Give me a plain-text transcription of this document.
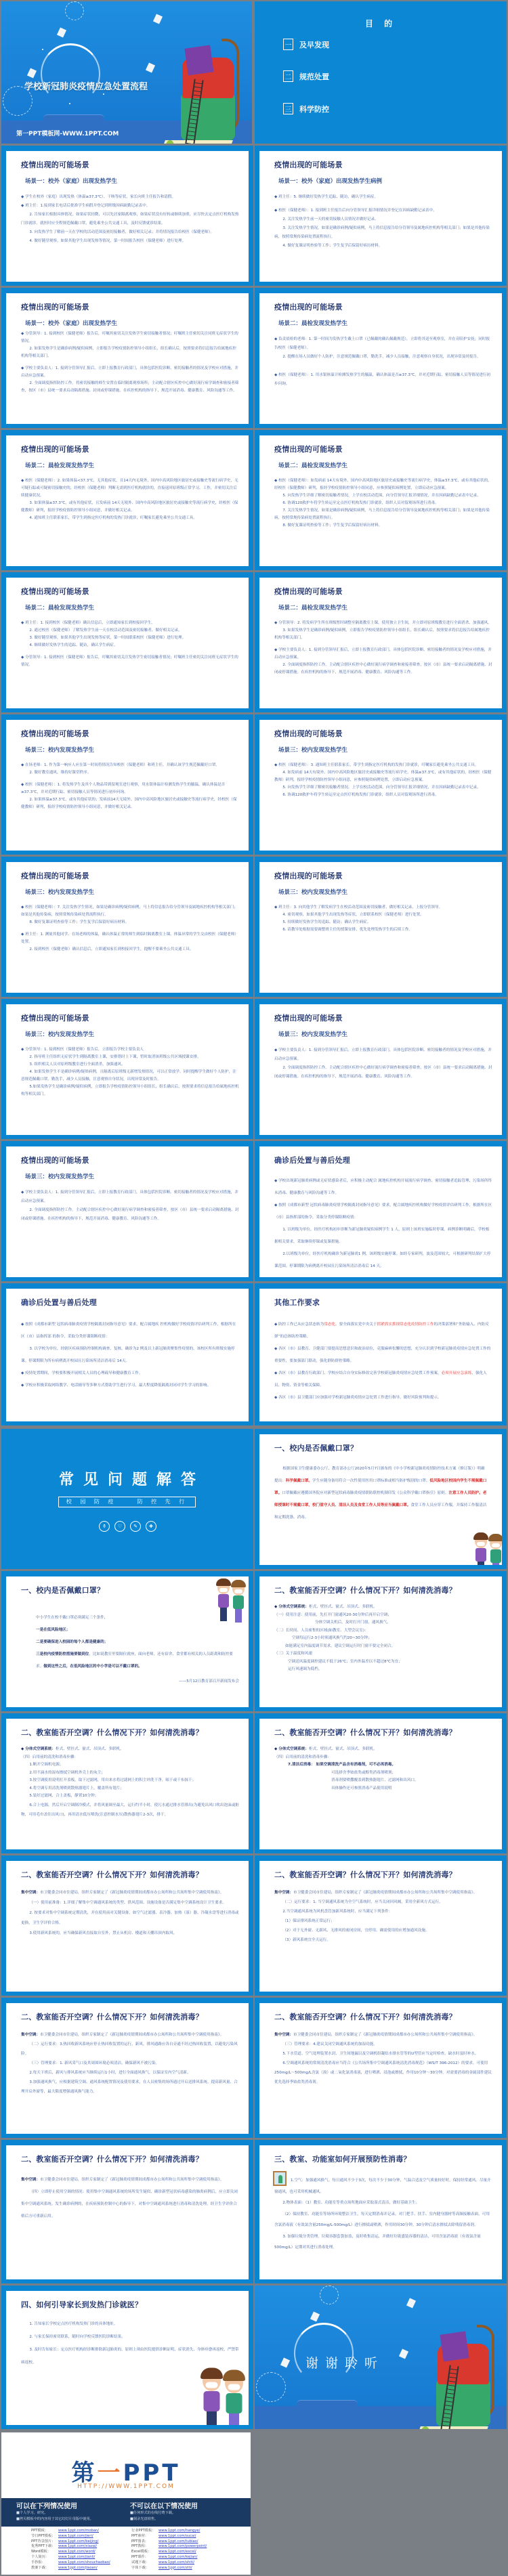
学校新冠肺炎疫情应急处置流程
第一PPT模板网-WWW.1PPT.COM
目 的
一 及早发现
二 规范处置
三 科学防控
疫情出现的可能场景
场景一：校外（家庭）出现发热学生

◆ 学生在校外（家庭）出现发热（体温≥37.3℃）、干咳等症状，家长向班主任报告和请假。

◆ 班主任：1.接到家长电话后批准学生病假并登记到班级因病缺勤记录表中。

2. 告知家长根据具体情况，如果症状轻微，可以先居家隔离观察，如果症状没有好转或继续加重，应尽快去定点医疗机构发热门诊就诊。就医时应全程规范佩戴口罩，避免乘坐公共交通工具，及时反馈就诊结果。

3. 向发热学生了解前一天在学校的活动范围及密切接触者，做好相关记录；并将情况报告给校医（保健老师）。

4. 做好随堂观察。如果其他学生出现发热等情况，第一时间报告校医（保健老师）进行处理。

疫情出现的可能场景
场景一：校外（家庭）出现发热学生病例

◆ 班主任：5. 继续做好发热学生追踪、随访，确认学生病症。

◆ 校医（保健老师）：1. 接到班主任报告后向分管领导汇报详细情况并登记在因病缺勤记录表中。

2. 关注发热学生前一天的密切接触人员情况并做好记录。

3. 关注发热学生情况，如果是确诊病例/疑似病例，马上将信息报告给分管领导及属地疾控机构等相关部门；如果是其他传染病，按照常规传染病处置流程执行。

4. 做好复课证明查验等工作；学生复学后保留好病历材料。

疫情出现的可能场景
场景一：校外（家庭）出现发热学生

◆ 分管领导：1. 接到校医（保健老师）报告后，叮嘱其密切关注发热学生密切接触者情况；叮嘱班主任密切关注同班无症状学生的情况。

2. 如果发热学生是确诊病例/疑似病例，立即报告学校疫情防控领导小组组长，组长确认后，按照要求将信息报告给属地疾控机构等相关部门。

◆ 学校主要负责人：1. 接到分管领导汇报后，立即上报教育行政部门，具体包括医院诊断、密切接触者的情况及学校应对措施，并启动应急预案。

2. 全面调度指挥防控工作。将密切接触的师生安置在临时隔离观察场所；主动配合辖区疾控中心做好流行病学调查和密接者筛查，按区（市）县统一要求启动隔离措施、封闭或停课措施。在疾控机构的指导下，规范开展消毒、健康教育、风险沟通等工作。

疫情出现的可能场景
场景二：晨检发现发热学生

◆ 负责晨检的老师：1. 第一时间为发热学生戴上口罩（已佩戴的确认佩戴规范），立即将其送至观察室，并在旁陪护安抚；同时报告校医（保健老师）。

2. 提醒在场人员做好个人防护，注意规范佩戴口罩，勤洗手，减少人员接触，注意观察自身状况，出现异常及时报告。

◆ 校医（保健老师）：1. 用水银体温计检测发热学生的腋温，确认体温是否≥37.3℃，并对近期行踪、密切接触人员等情况进行初步问询。

疫情出现的可能场景
场景二：晨检发现发热学生

◆ 校医（保健老师）：2. 如果体温<37.3℃，无其他症状，且14天内无境外、国内中高风险地区旅居史或接触史等流行病学史，无可疑行踪或可疑密切接触史的，经校医（保健老师）判断无需到医疗机构就诊的，直接返回原班级正常学习、工作，并密切关注后续健康状况。

3. 如果体温≥37.3℃，或有其他症状，且发病前 14天无境外、国内中高风险地区旅居史或接触史等流行病学史，经校医（保健教师）研判，报经学校疫情防控领导小组同意，并做好相关记录。

4. 通知班主任联系家长，带学生到指定医疗机构的发热门诊就诊，叮嘱家长避免乘坐公共交通工具。

疫情出现的可能场景
场景二：晨检发现发热学生

◆ 校医（保健老师）：如发病前 14天有境外、国内中高风险地区旅居史或接触史等流行病学史，体温≥37.3℃，或有其他症状的，经校医（保健教师）研判，报经学校疫情防控领导小组同意，应参照疑似病例处置，立即启动应急预案。

5. 向发热学生详细了解密切接触者情况、上学在校活动范围，向分管领导汇报详细情况，并在因病缺勤记录表中记录。

6. 协调120救护车将学生转运至定点医疗机构发热门诊就诊，组织人员对留观场所进行消毒。

7. 关注发热学生情况，如果是确诊病例/疑似病例，马上将信息报告给分管领导及属地疾控机构等相关部门；如果是其他传染病，按照常规传染病处置流程执行。

8. 做好复课证明查验等工作；学生复学后保留好病历材料。

疫情出现的可能场景
场景二：晨检发现发热学生

◆ 班主任：1. 接到校医（保健老师）确认信息后，立即通知家长到校接回学生。

2. 通过校医（保健老师）了解发热学生前一天在校活动范围及密切接触者，做好相关记录。

3. 做好随堂观察，如果其他学生出现发热等症状，第一时间联系校医（保健老师）进行处理。

4. 继续做好发热学生的追踪、随访，确认学生病症。

◆ 分管领导：1. 接到校医（保健老师）报告后，叮嘱其密切关注发热学生密切接触者情况；叮嘱班主任密切关注同班无症状学生的情况。

疫情出现的可能场景
场景二：晨检发现发热学生

◆ 分管领导：2. 将发病学生所在班级暂时调整至隔离教室上课，使用独立卫生间，并立即对原班级教室进行全面消杀、加强通风。

3. 如果发热学生是确诊病例/疑似病例，立即报告学校疫情防控领导小组组长，组长确认后，按照要求将信息报告给属地疾控机构等相关部门。

◆ 学校主要负责人：1. 接到分管领导汇报后，立即上报教育行政部门，具体包括医院诊断、密切接触者的情况及学校应对措施，并启动应急预案。

2. 全面调度指挥防控工作。主动配合辖区疾控中心做好流行病学调查和密接者筛查，按区（市）县统一要求启动隔离措施、封闭或停课措施。在疾控机构的指导下，规范开展消毒、健康教育、风险沟通等工作。

疫情出现的可能场景
场景三：校内发现发热学生

◆ 在场老师：1. 作为第一响应人应在第一时间将情况告知校医（保健老师）和班主任，并确认该学生规范佩戴好口罩。

2. 做好教室通风，维持好课堂秩序。

◆ 校医（保健老师）：1. 将发热学生及其个人物品带到留观室进行观察，用水银体温计检测发热学生的腋温，确认体温是否≥37.3℃，并对近期行踪、密切接触人员等情况进行初步问询。

2. 如果体温≥37.3℃，或有其他症状的；发病前14天无境外、国内中高风险地区旅居史或接触史等流行病学史，经校医（保健教师）研判，报经学校疫情防控领导小组同意，并做好相关记录。

疫情出现的可能场景
场景三：校内发现发热学生

◆ 校医（保健老师）：3. 通知班主任联系家长，带学生到指定医疗机构的发热门诊就诊，叮嘱家长避免乘坐公共交通工具。

4. 如发病前 14天有境外、国内中高风险地区旅居史或接触史等流行病学史，体温≥37.3℃，或有其他症状的，经校医（保健教师）研判，报经学校疫情防控领导小组同意，应参照疑似病例处置，立即启动应急预案。

5. 向发热学生详细了解密切接触者情况、上学在校活动范围，向分管领导汇报详细情况，并在因病缺勤记录表中记录。

6. 协调120救护车将学生转运至定点医疗机构发热门诊就诊，组织人员对留观场所进行消毒。

疫情出现的可能场景
场景三：校内发现发热学生

◆ 校医（保健老师）：7. 关注发热学生情况，如果是确诊病例/疑似病例，马上将信息报告给分管领导及属地疾控机构等相关部门；如果是其他传染病，按照常规传染病处置流程执行。

8. 做好复课证明查验等工作；学生复学后保留好病历材料。

◆ 班主任：1. 测量其他同学、在场老师的体温，确认体温正常的师生到临时隔离教室上课，体温异常的学生交由校医（保健老师）处置。

2. 接到校医（保健老师）确认信息后，立即通知家长到校接回学生，提醒不要乘坐公共交通工具。

疫情出现的可能场景
场景三：校内发现发热学生

◆ 班主任：3. 向其他学生了解发病学生在校活动范围及密切接触者，做好相关记录，上报分管领导。

4. 密切观察，如果其他学生出现发热等症状，立即联系校医（保健老师）进行处置。

5. 持续做好发热学生的追踪、随访；确认学生病症。

6. 请教导处根据需要调整班主任的授课安排，优先处理发热学生的后续工作。

疫情出现的可能场景
场景三：校内发现发热学生

◆ 分管领导：1. 接到校医（保健老师）报告后，立即报告学校主要负责人

2. 指导班主任组织无症状学生到隔离教室上课，安排错时上下课，暂时取消该班级公共区域授课安排。

3. 组织相关人员对原班级教室进行全面消杀，加强通风。

4. 如果发热学生不是确诊病例/疑似病例，且隔离后原班级无新增发热情况，可以正常放学。同时提醒学生做好个人防护，注意规范佩戴口罩，勤洗手，减少人员接触，注意观察自身状况，出现异常及时报告。

5.如果发热学生是确诊病例/疑似病例，立即报告学校疫情防控领导小组组长，组长确认后，按照要求将信息报告给属地疾控机构等相关部门。

疫情出现的可能场景
场景三：校内发现发热学生

◆ 学校主要负责人：1. 接到分管领导汇报后，立即上报教育行政部门，具体包括医院诊断、密切接触者的情况及学校应对措施，并启动应急预案。

2. 全面调度指挥防控工作。主动配合辖区疾控中心做好流行病学调查和密接者筛查，按区（市）县统一要求启动隔离措施、封闭或停课措施。在疾控机构的指导下，规范开展消毒、健康教育、风险沟通等工作。

疫情出现的可能场景
场景三：校内发现发热学生

◆ 学校主要负责人：1. 接到分管领导汇报后，立即上报教育行政部门，具体包括医院诊断、密切接触者的情况及学校应对措施，并启动应急预案。

2. 全面调度指挥防控工作。主动配合辖区疾控中心做好流行病学调查和密接者筛查，按区（市）县统一要求启动隔离措施、封闭或停课措施。在疾控机构的指导下，规范开展消毒、健康教育、风险沟通等工作。

确诊后处置与善后处理

◆ 学校出现新冠肺炎病例或无症状感染者后，应积极主动配合 属地疾控机构开展流行病学调查、密切接触者追踪管理、污染场所终末消毒、健康教育与风险沟通等工作。

◆ 按照《成都市新型 冠状病毒肺炎疫情学校隔离封闭指导意见》要求，配合属地疾控机构做好学校疫情评估研判工作，根据所在区（市）县指挥部的指令，采取分类停课阻断疫情：

1. 以班级为单位，经医疗机构初步诊断为新冠肺炎疑似病例学生 1 人，原则上该班实施临时停课。病例诊断明确后，学校根据相关要求，采取继续停课或复课措施。

2.以班级为单位，经医疗机构确诊为新冠肺炎1 例，该班级实施停课。如经专家研判，波及范围较大，可根据研判结果扩大停课范围。停课期限为病例离开校园且污染场所清洁消毒后 14 天。

确诊后处置与善后处理

◆ 按照《成都市新型 冠状病毒肺炎疫情学校隔离封闭指导意见》要求，配合属地疾 控机构做好学校疫情评估研判工作，根据所在区（市）县指挥部 的指令，采取分类停课阻断疫情：

3. 以学校为单位，经辖区疾病预防控制机构调查、复核，确诊为2 例及以上新冠肺炎聚集性疫情的，该校区所有班级实施停课。停课期限为所有病例离开校园且污染场所清洁消毒后 14天。

◆ 疫情处置期间，学校要积极开展相关人员的心理疏导和健康教育工作。

◆ 学校应积极采取网络教学、电话辅导等多种方式帮助学生进行学习，最大程度降低隔离封闭对学生学习的影响。

其他工作要求

◆ 防控工作已从应急状态转为常态化。要全面落实党中央关于抓紧抓实抓细常态化疫情防控工作的决策部署和“外防输入、内防反弹”的总体防控策略。

◆ 各区（市）县教育、卫健部门要提高思想意识和政治站位，克服麻痹松懈的思想，充分认识到学校新冠肺炎疫情应急处置工作的重要性，要加强部门联动，强化群防群控策略。

◆ 各区（市）县教育行政部门、学校应结合自身实际修改完善学校新冠肺炎疫情应急处置工作预案，必须开展应急演练，强化人员、物资、资金等相关保障。

◆ 各区（市）县卫健部门应加强对学校新冠肺炎疫情应急处置工作进行指导，做好风险预判和提示。

常见问题解答
校 园 防 疫    防 控 先 行
⚱	♡	✎	✚
一、校内是否佩戴口罩？

根据国家卫生健康委办公厅、教育部办公厅2020年5月7日颁布的《中小学校新冠肺炎疫情防控技术方案（修订版）》明确提出：科学佩戴口罩。学生应随身备用符合一次性使用医用口罩标准或相当防护级别的口罩；低风险地区校园内学生不需佩戴口罩。口罩佩戴应遵循国务院应对新型冠状病毒肺炎疫情联防联控机制印发《公众科学戴口罩指引》原则。注意工作人员防护。老师授课时不需戴口罩，校门值守人员、清洁人员及食堂工作人员等应当佩戴口罩。食堂工作人员应穿工作服，并保持工作服清洁和定期洗涤、消毒。

一、校内是否佩戴口罩？

中小学生在校不戴口罩必须满足三个条件，

一是在低风险地区；

二是要确保进入校园的每个人都是健康的；

三是校内疫情防控措施要做到位，比如说教室里要隔位就座，面向老师，还有宿舍、食堂都有相关的人员距离和防控要求。做到这些之后，在低风险地区的中小学是可以不戴口罩的。

——5月12日教育部召开新闻发布会

二、教室能否开空调？什么情况下开？如何清洗消毒？

◆ 分体式空调系统：柜式、壁挂式、窗式、吊顶式、多联机。

（一）使用注意：使用前，先打开门窗通风20-30分钟后再开启空调；

分体空调关机后，及时打开门窗，通风换气。

（二）长时间、人员密集的区域(如教室、大型会议室)：

空调每运行2-3小时须通风换气约20~30分钟；

如能满足室内温度调节需求，建议空调运行时门窗不要完全闭合。

（三）关于温度和风速

空调送风温度调控建议不低于26℃；室内外温差以不超过8℃为宜；

运行风速调为低档。

二、教室能否开空调？什么情况下开？如何清洗消毒？

◆ 分体式空调系统：柜式、壁挂式、窗式、吊顶式、多联机。

（四）启用前的清洗和消毒步骤：

1.断开空调机电源；

2.用不滴水的湿布擦拭空调机外壳上的灰尘；

3.按空调使用说明打开盖板，取下过滤网，用自来水将过滤网上的积尘冲洗干净，晾干或干布抹干；

4.将空调专用清洗剂喷到散热器翅片上，覆盖所有翅片；

5.装好过滤网，合上盖板，静置10分钟；

6.合上电源，然后开启空调制冷模式，并将风量调至最大，运行约半小时，使污水通过排水管排出(为避免出风口吹出泡沫或脏物，可用毛巾盖住出风口)，再用清水低压喷洗(注意控制水压)散热器翅片2-3次，排干。

二、教室能否开空调？什么情况下开？如何清洗消毒？

◆ 分体式空调系统：柜式、壁挂式、窗式、吊顶式、多联机。

（四）启用前的清洗和消毒步骤：

7.清洁后消毒： 如果空调清洗产品含有消毒剂，可不必再消毒。

可选择含季铵盐类或醇类消毒剂喷剂；

消毒剂要喷撒覆盖到散热器翅片、过滤网和出风口。

具体操作还可参照消毒产品使用说明

二、教室能否开空调？什么情况下开？如何清洗消毒？

集中空调：市卫健委会同市住建局，组织专家制定了《新冠肺炎疫情期间成都市办公场所和公共场所集中空调使用指南》。

（一）使用前准备：1.详细了解集中空调通风系统的类型、供风范围、设施设备是否满足集中空调系统设计卫生要求。

2. 按要求对集中空调系统定期清洗，并在使用前对关键设备，如空气过滤器、表冷器、加热（湿）器、冷凝水盘等进行消毒或更换，卫生学评价合格。

3.使用新风系统的，应当确保新风直接取自室外，禁止从机房、楼道和天棚吊顶内取风。

二、教室能否开空调？什么情况下开？如何清洗消毒？

集中空调：市卫健委会同市住建局，组织专家制定了《新冠肺炎疫情期间成都市办公场所和公共场所集中空调使用指南》。

（二）运行要求：1. 当空调通风系统为全空气系统时，应当关闭回风阀，采用全新风方式运行。

2.当空调通风系统为风机盘管加新风系统时，应当满足下列条件：

（1）保证排风系统正常运行；

（2）对于无外窗、无新风、无排风的密闭房间，宜停用。确需使用的应增加通风设施。

（3）新风系统宜全天运行。

二、教室能否开空调？什么情况下开？如何清洗消毒？

集中空调：市卫健委会同市住建局，组织专家制定了《新冠肺炎疫情期间成都市办公场所和公共场所集中空调使用指南》。

（二）运行要求：3.热回收新风系统应停止热回收装置的运行，新风、排风通路应各自旁通不经过热回收装置，以避免污染风险。

（三）管理要求：1. 新风采气口及其周围环境必须清洁，确保新风不被污染。

2.每天下班后，新风与排风系统应当继续运行1小时，进行全面通风换气，以保证室内空气清新。

3.加强通风换气，应根据建筑空调、通风系统配置情况及使用要求，在人员密集的场所通过开启送排风系统、提高新风量、合理开启外窗等，最大限度增强通风换气能力。

二、教室能否开空调？什么情况下开？如何清洗消毒？

集中空调：市卫健委会同市住建局，组织专家制定了《新冠肺炎疫情期间成都市办公场所和公共场所集中空调使用指南》。

（三）管理要求：4.建议关闭空调通风系统的加湿功能。

5.下水管道、空气处理装置水封、卫生间地漏以及空调机组凝结水排水管等的U型管应当定时检查，缺水时及时补水。

6.空调通风系统的常规清洗消毒应当符合《公共场所集中空调通风系统清洗消毒规范》（WS/T 396-2012）的要求。可使用250mg/L～500mg/L含氯（溴）或二氧化氯消毒液，进行喷洒、浸泡或擦拭，作用10分钟～30分钟。对需要消毒的金属部件建议优先选择季铵盐类消毒剂。

二、教室能否开空调？什么情况下开？如何清洗消毒？

集中空调：市卫健委会同市住建局，组织专家制定了《新冠肺炎疫情期间成都市办公场所和公共场所集中空调使用指南》。

（四）立即停止使用空调的情况：使用集中空调通风系统的场所发生疑似、确诊新型冠状病毒感染的肺炎病例后，应立即关闭集中空调通风系统。发生确诊病例的，在疾病预防控制中心的指导下，对集中空调通风系统进行消毒和清洗处理，经卫生学评价合格后方可重新启用。

三、教室、功能室如何开展预防性消毒？

1.空气：加强通风换气。每日通风不少于3次，每次不少于30分钟，气温合适及空气质量较好时，保持经常通风。尽量开窗通风，也可采用机械通风。

2.物体表面：（1）教室、功能室等重点场所地面应采取湿式清洁，做好基础卫生。

（2）保持教室、功能室等场所环境整洁卫生，每天定期消毒并记录。对门把手、扶手、室内健身器材等高频接触表面，可用含氯消毒液（有效氯含量250mg/L-500mg/L）进行擦拭或喷洒，作用时间30分钟。30分钟后清水擦拭去除残留消毒剂。

3. 加强垃圾分类管理，垃圾容器套袋加盖，及时收集清运，并做好垃圾盛装容器的清洁，可用含氯消毒液（有效氯含量500mg/L）定期对其进行消毒处理。

四、如何引导家长到发热门诊就医？

1. 告知家长学校定点医疗机构发热门诊的具体地址。

2. 与家长保持密切联系，随时向学校反馈医院诊断结果。

3. 及时告知家长：定点医疗机构经诊断排除新冠肺炎的，原则上须由医院提供诊断证明，症状消失、身体痊愈再返校，严禁带病返校。	谢谢聆听
第一PPT
HTTP://WWW.1PPT.COM
可以在下列情况使用
■个人学习、研究。
■拷贝模板中的内容用于其它幻灯片母版中使用。
不可以在以下情况使用
■任何形式的在线付费下载。
■刻录光盘销售。
PPT模板：	www.1ppt.com/moban/
节日PPT模板： www.1ppt.com/jieri/
PPT背景图片： www.1ppt.com/beijing/
优秀PPT下载： www.1ppt.com/xiazai/
Word模板：	www.1ppt.com/word/
个人简历：	www.1ppt.com/jianli/
手抄报：	www.1ppt.com/shouchaobao/
教案下载：	www.1ppt.com/jiaoan/
行业PPT模板： www.1ppt.com/hangye/
PPT素材：	www.1ppt.com/sucai/
PPT图表：	www.1ppt.com/tubiao/
PPT教程：	www.1ppt.com/powerpoint/
Excel模板：	www.1ppt.com/excel/
PPT课件：	www.1ppt.com/kejian/
试题下载：	www.1ppt.com/shiti/
字体下载：	www.1ppt.com/ziti/
